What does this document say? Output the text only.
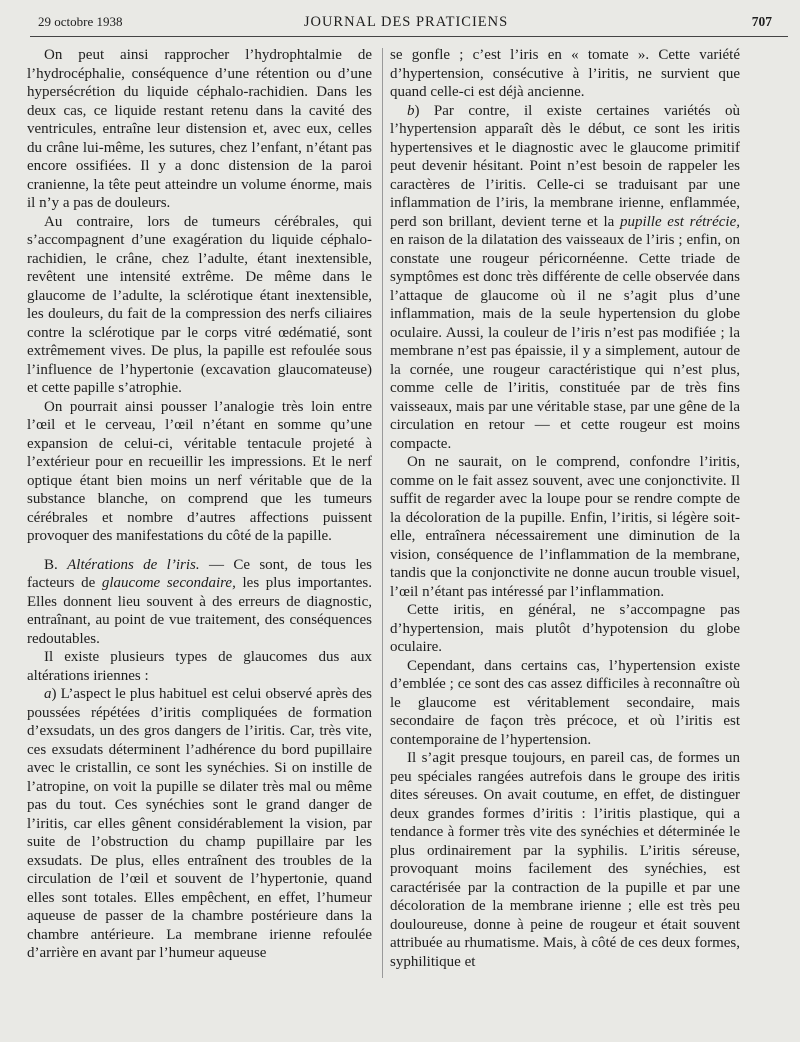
29 octobre 1938	JOURNAL DES PRATICIENS	707

On peut ainsi rapprocher l’hydrophtalmie de l’hydrocéphalie, conséquence d’une rétention ou d’une hypersécrétion du liquide céphalo-rachidien. Dans les deux cas, ce liquide restant retenu dans la cavité des ventricules, entraîne leur distension et, avec eux, celles du crâne lui-même, les sutures, chez l’enfant, n’étant pas encore ossifiées. Il y a donc distension de la paroi cranienne, la tête peut atteindre un volume énorme, mais il n’y a pas de douleurs.

Au contraire, lors de tumeurs cérébrales, qui s’accompagnent d’une exagération du liquide céphalo-rachidien, le crâne, chez l’adulte, étant inextensible, revêtent une intensité extrême. De même dans le glaucome de l’adulte, la sclérotique étant inextensible, les douleurs, du fait de la compression des nerfs ciliaires contre la sclérotique par le corps vitré œdématié, sont extrêmement vives. De plus, la papille est refoulée sous l’influence de l’hypertonie (excavation glaucomateuse) et cette papille s’atrophie.

On pourrait ainsi pousser l’analogie très loin entre l’œil et le cerveau, l’œil n’étant en somme qu’une expansion de celui-ci, véritable tentacule projeté à l’extérieur pour en recueillir les impressions. Et le nerf optique étant bien moins un nerf véritable que de la substance blanche, on comprend que les tumeurs cérébrales et nombre d’autres affections puissent provoquer des manifestations du côté de la papille.

B. Altérations de l’iris. — Ce sont, de tous les facteurs de glaucome secondaire, les plus importantes. Elles donnent lieu souvent à des erreurs de diagnostic, entraînant, au point de vue traitement, des conséquences redoutables.

Il existe plusieurs types de glaucomes dus aux altérations iriennes :

a) L’aspect le plus habituel est celui observé après des poussées répétées d’iritis compliquées de formation d’exsudats, un des gros dangers de l’iritis. Car, très vite, ces exsudats déterminent l’adhérence du bord pupillaire avec le cristallin, ce sont les synéchies. Si on instille de l’atropine, on voit la pupille se dilater très mal ou même pas du tout. Ces synéchies sont le grand danger de l’iritis, car elles gênent considérablement la vision, par suite de l’obstruction du champ pupillaire par les exsudats. De plus, elles entraînent des troubles de la circulation de l’œil et souvent de l’hypertonie, quand elles sont totales. Elles empêchent, en effet, l’humeur aqueuse de passer de la chambre postérieure dans la chambre antérieure. La membrane irienne refoulée d’arrière en avant par l’humeur aqueuse

se gonfle ; c’est l’iris en « tomate ». Cette variété d’hypertension, consécutive à l’iritis, ne survient que quand celle-ci est déjà ancienne.

b) Par contre, il existe certaines variétés où l’hypertension apparaît dès le début, ce sont les iritis hypertensives et le diagnostic avec le glaucome primitif peut devenir hésitant. Point n’est besoin de rappeler les caractères de l’iritis. Celle-ci se traduisant par une inflammation de l’iris, la membrane irienne, enflammée, perd son brillant, devient terne et la pupille est rétrécie, en raison de la dilatation des vaisseaux de l’iris ; enfin, on constate une rougeur péricornéenne. Cette triade de symptômes est donc très différente de celle observée dans l’attaque de glaucome où il ne s’agit plus d’une inflammation, mais de la seule hypertension du globe oculaire. Aussi, la couleur de l’iris n’est pas modifiée ; la membrane n’est pas épaissie, il y a simplement, autour de la cornée, une rougeur caractéristique qui n’est plus, comme celle de l’iritis, constituée par de très fins vaisseaux, mais par une véritable stase, par une gêne de la circulation en retour — et cette rougeur est moins compacte.

On ne saurait, on le comprend, confondre l’iritis, comme on le fait assez souvent, avec une conjonctivite. Il suffit de regarder avec la loupe pour se rendre compte de la décoloration de la pupille. Enfin, l’iritis, si légère soit-elle, entraînera nécessairement une diminution de la vision, conséquence de l’inflammation de la membrane, tandis que la conjonctivite ne donne aucun trouble visuel, l’œil n’étant pas intéressé par l’inflammation.

Cette iritis, en général, ne s’accompagne pas d’hypertension, mais plutôt d’hypotension du globe oculaire.

Cependant, dans certains cas, l’hypertension existe d’emblée ; ce sont des cas assez difficiles à reconnaître où le glaucome est véritablement secondaire, mais secondaire de façon très précoce, et où l’iritis est contemporaine de l’hypertension.

Il s’agit presque toujours, en pareil cas, de formes un peu spéciales rangées autrefois dans le groupe des iritis dites séreuses. On avait coutume, en effet, de distinguer deux grandes formes d’iritis : l’iritis plastique, qui a tendance à former très vite des synéchies et déterminée le plus ordinairement par la syphilis. L’iritis séreuse, provoquant moins facilement des synéchies, est caractérisée par la contraction de la pupille et par une décoloration de la membrane irienne ; elle est très peu douloureuse, donne à peine de rougeur et était souvent attribuée au rhumatisme. Mais, à côté de ces deux formes, syphilitique et
